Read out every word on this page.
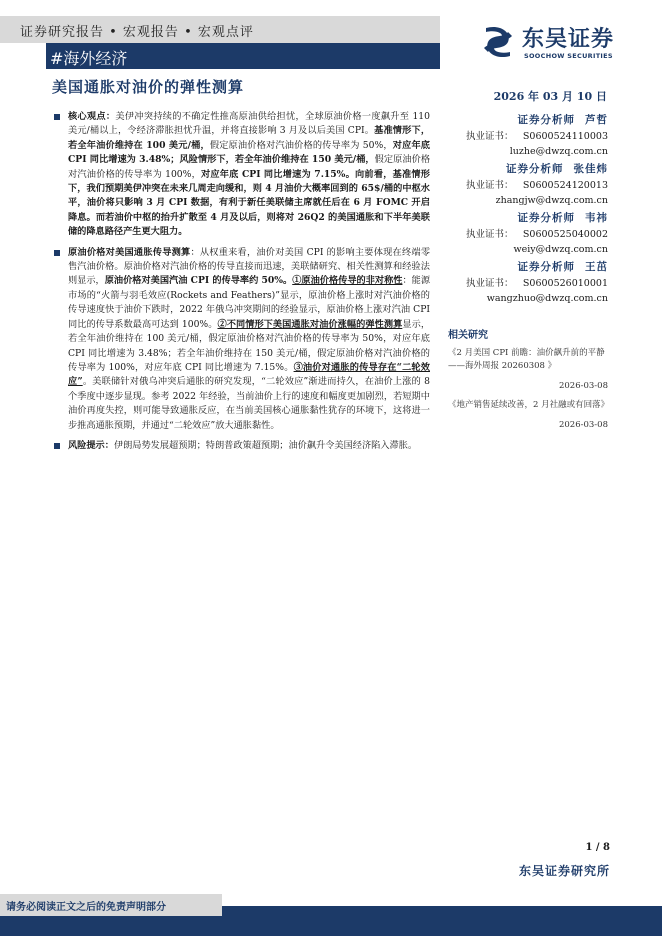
证券研究报告 • 宏观报告 • 宏观点评
#海外经济
东吴证券
SOOCHOW SECURITIES
美国通胀对油价的弹性测算
2026 年 03 月 10 日
核心观点：美伊冲突持续的不确定性推高原油供给担忧，全球原油价格一度飙升至 110 美元/桶以上，令经济滞胀担忧升温，并将直接影响 3 月及以后美国 CPI。基准情形下，若全年油价维持在 100 美元/桶，假定原油价格对汽油价格的传导率为 50%，对应年底 CPI 同比增速为 3.48%；风险情形下，若全年油价维持在 150 美元/桶，假定原油价格对汽油价格的传导率为 100%，对应年底 CPI 同比增速为 7.15%。向前看，基准情形下，我们预期美伊冲突在未来几周走向缓和，则 4 月油价大概率回到的 65$/桶的中枢水平，油价将只影响 3 月 CPI 数据，有利于新任美联储主席就任后在 6 月 FOMC 开启降息。而若油价中枢的抬升扩散至 4 月及以后，则将对 26Q2 的美国通胀和下半年美联储的降息路径产生更大阻力。
原油价格对美国通胀传导测算：从权重来看，油价对美国 CPI 的影响主要体现在终端零售汽油价格。原油价格对汽油价格的传导直接而迅速，美联储研究、相关性测算和经验法则显示，原油价格对美国汽油 CPI 的传导率约 50%。①原油价格传导的非对称性：能源市场的“火箭与羽毛效应(Rockets and Feathers)”显示，原油价格上涨时对汽油价格的传导速度快于油价下跌时，2022 年俄乌冲突期间的经验显示，原油价格上涨对汽油 CPI 同比的传导系数最高可达到 100%。②不同情形下美国通胀对油价涨幅的弹性测算显示，若全年油价维持在 100 美元/桶，假定原油价格对汽油价格的传导率为 50%，对应年底 CPI 同比增速为 3.48%；若全年油价维持在 150 美元/桶，假定原油价格对汽油价格的传导率为 100%，对应年底 CPI 同比增速为 7.15%。③油价对通胀的传导存在“二轮效应”。美联储针对俄乌冲突后通胀的研究发现，“二轮效应”渐进而持久，在油价上涨的 8 个季度中逐步显现。参考 2022 年经验，当前油价上行的速度和幅度更加剧烈，若短期中油价再度失控，则可能导致通胀反应，在当前美国核心通胀黏性犹存的环境下，这将进一步推高通胀预期，并通过“二轮效应”放大通胀黏性。
风险提示：伊朗局势发展超预期；特朗普政策超预期；油价飙升令美国经济陷入滞胀。
证券分析师 芦哲
执业证书： S0600524110003
luzhe@dwzq.com.cn
证券分析师 张佳炜
执业证书： S0600524120013
zhangjw@dwzq.com.cn
证券分析师 韦祎
执业证书： S0600525040002
weiy@dwzq.com.cn
证券分析师 王茁
执业证书： S0600526010001
wangzhuo@dwzq.com.cn
相关研究
《2 月美国 CPI 前瞻：油价飙升前的平静——海外周报 20260308 》
2026-03-08
《地产销售延续改善，2 月社融或有回落》
2026-03-08
1 / 8
东吴证券研究所
请务必阅读正文之后的免责声明部分
